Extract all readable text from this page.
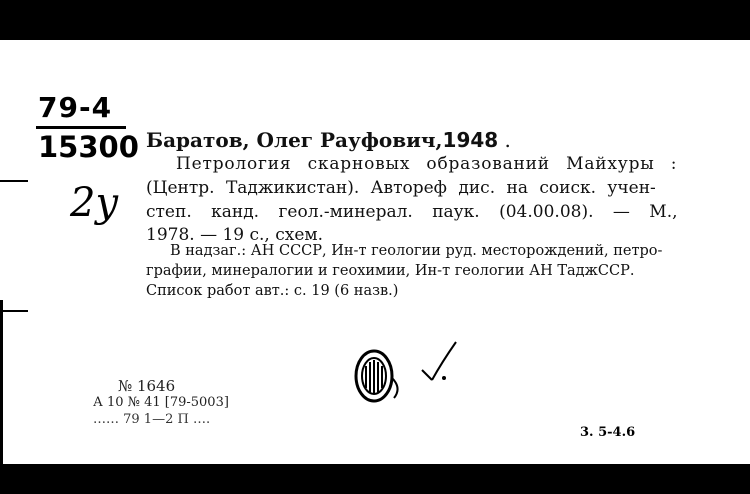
79-4
15300
2у
Баратов, Олег Рауфович,1948 .
Петрология скарновых образований Майхуры :
(Центр. Таджикистан). Автореф дис. на соиск. учен-
степ. канд. геол.-минерал. паук. (04.00.08). — М.,
1978. — 19 с., схем.
В надзаг.: АН СССР, Ин-т геологии руд. месторождений, петро-
графии, минералогии и геохимии, Ин-т геологии АН ТаджССР.
Список работ авт.: с. 19 (6 назв.)
№ 1646
А 10 № 41 [79-5003]
…… 79 1—2 П ….
3. 5-4.6
